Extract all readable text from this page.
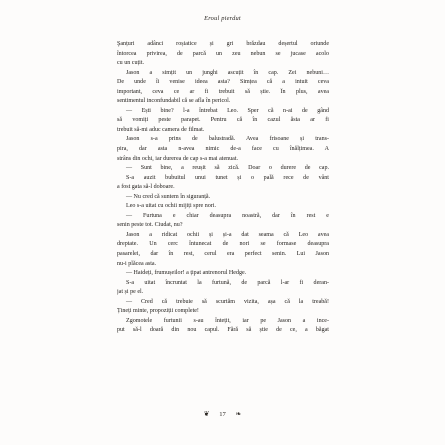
Eroul pierdut
Şanțuri adânci roșiatice și gri brăzdau deșertul oriunde
întorcea privirea, de parcă un zeu nebun se jucase acolo
cu un cuțit.
Jason a simțit un junghi ascuțit în cap. Zei nebuni…
De unde îi venise ideea asta? Simțea că a intuit ceva
important, ceva ce ar fi trebuit să știe. În plus, avea
sentimentul inconfundabil că se afla în pericol.
— Ești bine? l-a întrebat Leo. Sper că n-ai de gând
să vomiți peste parapet. Pentru că în cazul ăsta ar fi
trebuit să-mi aduc camera de filmat.
Jason s-a prins de balustradă. Avea frisoane și trans-
pira, dar asta n-avea nimic de-a face cu înălțimea. A
strâns din ochi, iar durerea de cap s-a mai atenuat.
— Sunt bine, a reușit să zică. Doar o durere de cap.
S-a auzit bubuitul unui tunet și o pală rece de vânt
a fost gata să-l doboare.
— Nu cred că suntem în siguranță.
Leo s-a uitat cu ochii mijiți spre nori.
— Furtuna e chiar deasupra noastră, dar în rest e
senin peste tot. Ciudat, nu?
Jason a ridicat ochii și și-a dat seama că Leo avea
dreptate. Un cerc întunecat de nori se formase deasupra
pasarelei, dar în rest, cerul era perfect senin. Lui Jason
nu-i plăcea asta.
— Haideți, frumușeilor! a țipat antrenorul Hedge.
S-a uitat încruntat la furtună, de parcă l-ar fi deran-
jat și pe el.
— Cred că trebuie să scurtăm vizita, așa că la treabă!
Țineți minte, propoziții complete!
Zgomotele furtunii s-au întețit, iar pe Jason a ince-
put să-l doară din nou capul. Fără să știe de ce, a băgat
❦ 17 ❧
